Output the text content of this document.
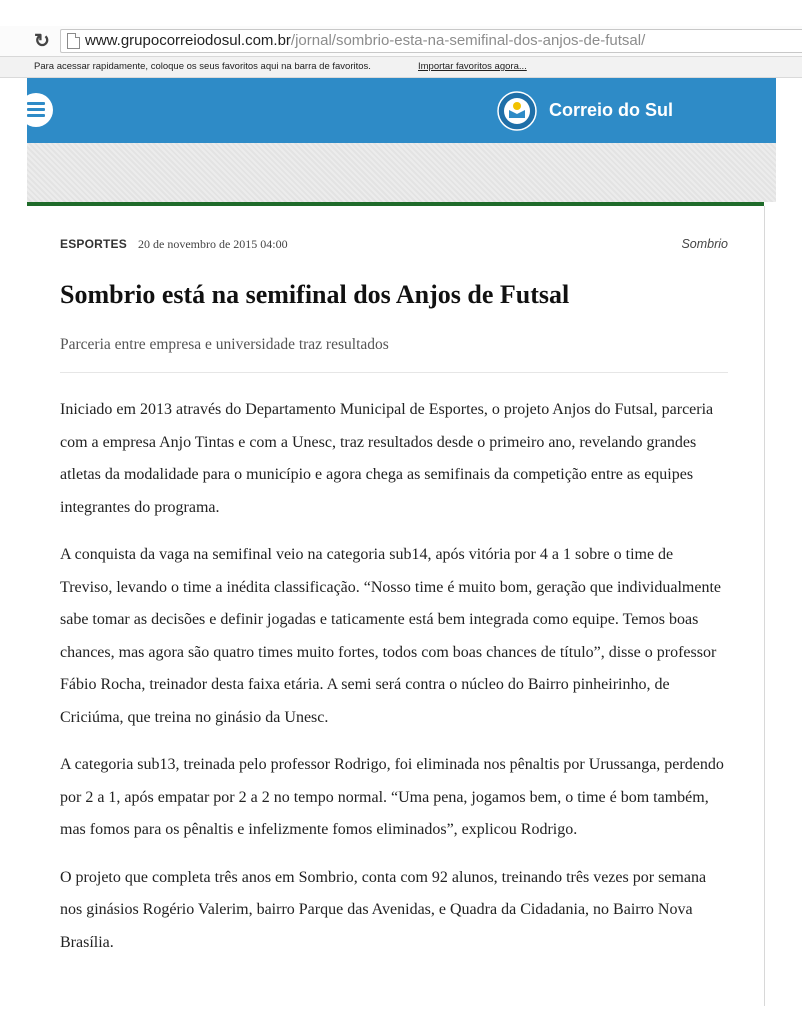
↻ www.grupocorreiodosul.com.br/jornal/sombrio-esta-na-semifinal-dos-anjos-de-futsal/
Para acessar rapidamente, coloque os seus favoritos aqui na barra de favoritos.	Importar favoritos agora...
Correio do Sul
ESPORTES 20 de novembro de 2015 04:00	Sombrio
Sombrio está na semifinal dos Anjos de Futsal

Parceria entre empresa e universidade traz resultados

Iniciado em 2013 através do Departamento Municipal de Esportes, o projeto Anjos do Futsal, parceria com a empresa Anjo Tintas e com a Unesc, traz resultados desde o primeiro ano, revelando grandes atletas da modalidade para o município e agora chega as semifinais da competição entre as equipes integrantes do programa.

A conquista da vaga na semifinal veio na categoria sub14, após vitória por 4 a 1 sobre o time de Treviso, levando o time a inédita classificação. “Nosso time é muito bom, geração que individualmente sabe tomar as decisões e definir jogadas e taticamente está bem integrada como equipe. Temos boas chances, mas agora são quatro times muito fortes, todos com boas chances de título”, disse o professor Fábio Rocha, treinador desta faixa etária. A semi será contra o núcleo do Bairro pinheirinho, de Criciúma, que treina no ginásio da Unesc.

A categoria sub13, treinada pelo professor Rodrigo, foi eliminada nos pênaltis por Urussanga, perdendo por 2 a 1, após empatar por 2 a 2 no tempo normal. “Uma pena, jogamos bem, o time é bom também, mas fomos para os pênaltis e infelizmente fomos eliminados”, explicou Rodrigo.

O projeto que completa três anos em Sombrio, conta com 92 alunos, treinando três vezes por semana nos ginásios Rogério Valerim, bairro Parque das Avenidas, e Quadra da Cidadania, no Bairro Nova Brasília.
